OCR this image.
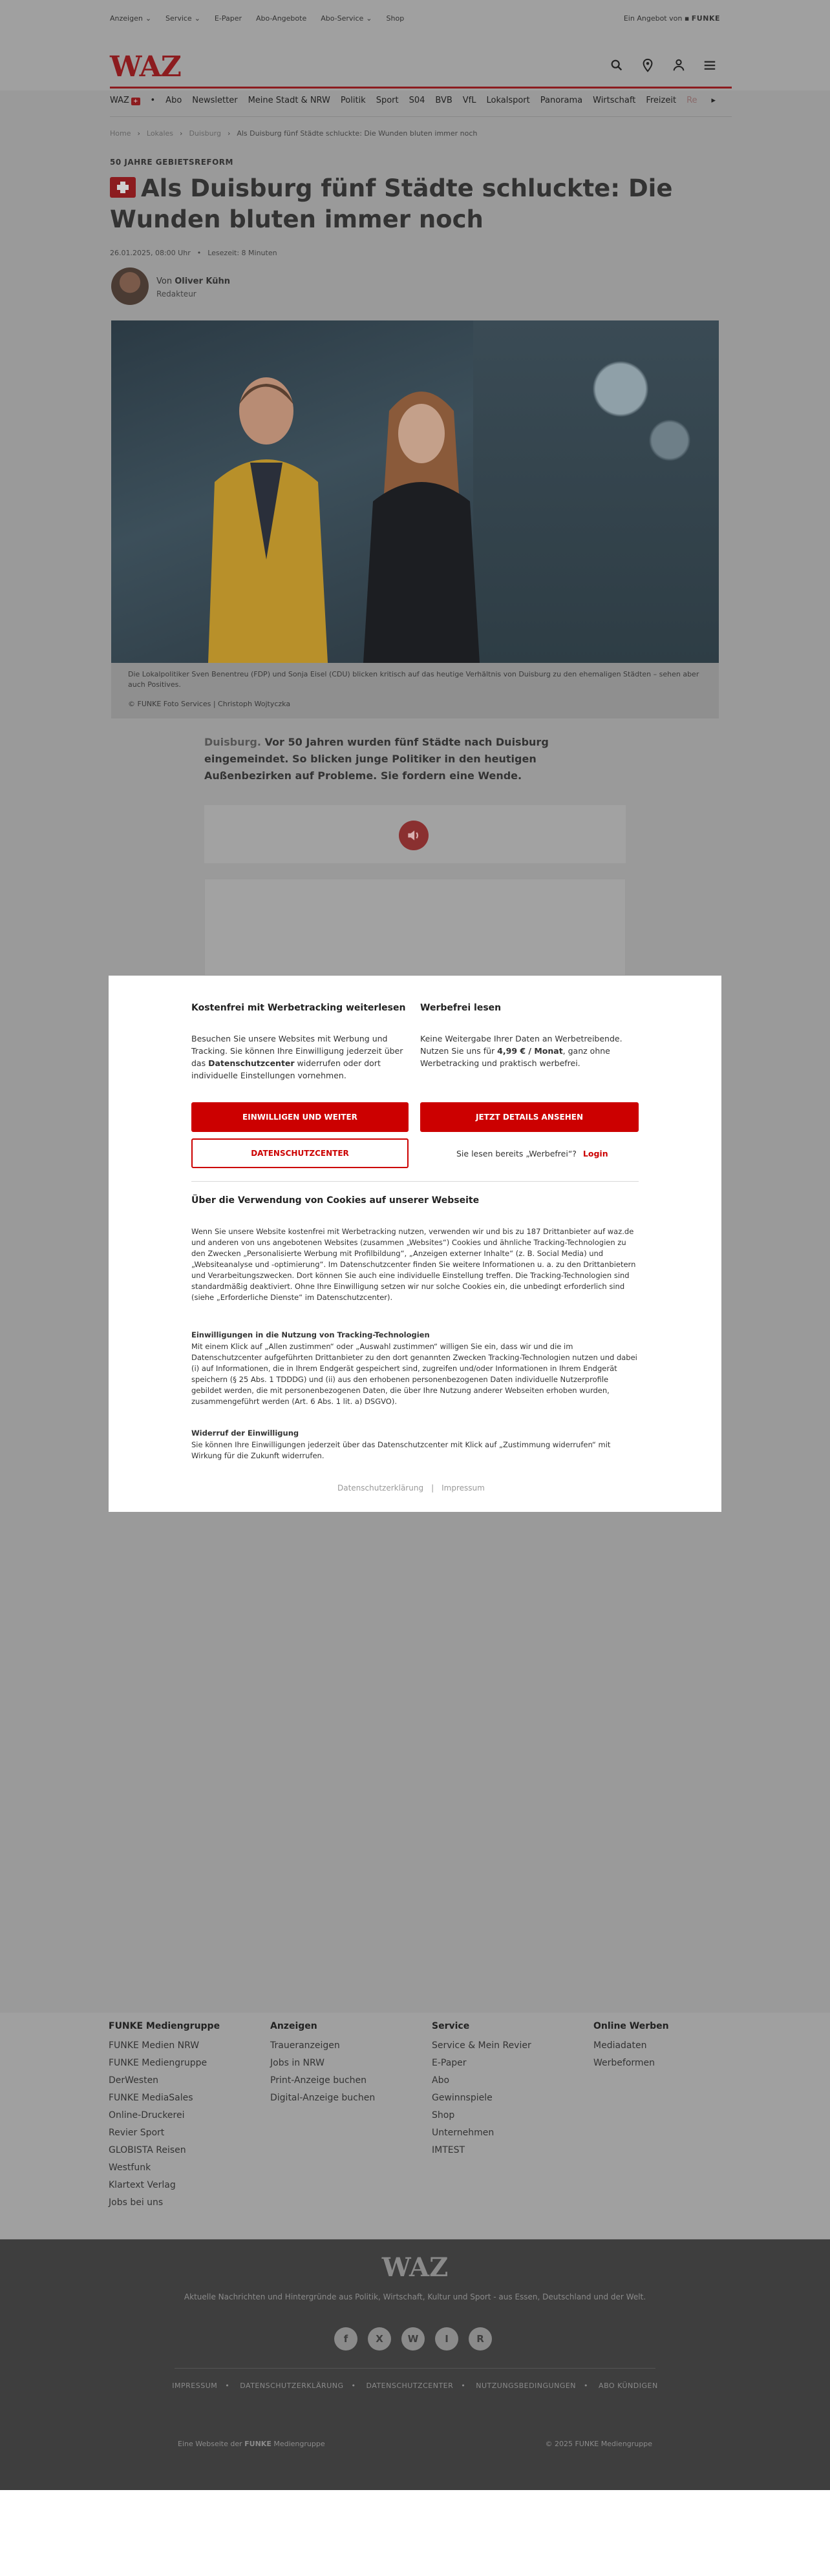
Anzeigen ⌄ Service ⌄ E-Paper Abo-Angebote Abo-Service ⌄ Shop	Ein Angebot von ▪ FUNKE
WAZ
WAZ + • Abo Newsletter Meine Stadt & NRW Politik Sport S04 BVB VfL Lokalsport Panorama Wirtschaft Freizeit Re ▸
Home › Lokales › Duisburg › Als Duisburg fünf Städte schluckte: Die Wunden bluten immer noch
50 JAHRE GEBIETSREFORM
Als Duisburg fünf Städte schluckte: Die Wunden bluten immer noch
26.01.2025, 08:00 Uhr • Lesezeit: 8 Minuten
Von Oliver Kühn
Redakteur
Die Lokalpolitiker Sven Benentreu (FDP) und Sonja Eisel (CDU) blicken kritisch auf das heutige Verhältnis von Duisburg zu den ehemaligen Städten – sehen aber auch Positives.
© FUNKE Foto Services | Christoph Wojtyczka
Duisburg. Vor 50 Jahren wurden fünf Städte nach Duisburg eingemeindet. So blicken junge Politiker in den heutigen Außenbezirken auf Probleme. Sie fordern eine Wende.
Kostenfrei mit Werbetracking weiterlesen
Besuchen Sie unsere Websites mit Werbung und Tracking. Sie können Ihre Einwilligung jederzeit über das Datenschutzcenter widerrufen oder dort individuelle Einstellungen vornehmen.
Werbefrei lesen
Keine Weitergabe Ihrer Daten an Werbetreibende. Nutzen Sie uns für 4,99 € / Monat, ganz ohne Werbetracking und praktisch werbefrei.
EINWILLIGEN UND WEITER	JETZT DETAILS ANSEHEN
DATENSCHUTZCENTER	Sie lesen bereits „Werbefrei“? Login
Über die Verwendung von Cookies auf unserer Webseite
Wenn Sie unsere Website kostenfrei mit Werbetracking nutzen, verwenden wir und bis zu 187 Drittanbieter auf waz.de und anderen von uns angebotenen Websites (zusammen „Websites“) Cookies und ähnliche Tracking-Technologien zu den Zwecken „Personalisierte Werbung mit Profilbildung“, „Anzeigen externer Inhalte“ (z. B. Social Media) und „Websiteanalyse und -optimierung“. Im Datenschutzcenter finden Sie weitere Informationen u. a. zu den Drittanbietern und Verarbeitungszwecken. Dort können Sie auch eine individuelle Einstellung treffen. Die Tracking-Technologien sind standardmäßig deaktiviert. Ohne Ihre Einwilligung setzen wir nur solche Cookies ein, die unbedingt erforderlich sind (siehe „Erforderliche Dienste“ im Datenschutzcenter).
Einwilligungen in die Nutzung von Tracking-Technologien
Mit einem Klick auf „Allen zustimmen“ oder „Auswahl zustimmen“ willigen Sie ein, dass wir und die im Datenschutzcenter aufgeführten Drittanbieter zu den dort genannten Zwecken Tracking-Technologien nutzen und dabei (i) auf Informationen, die in Ihrem Endgerät gespeichert sind, zugreifen und/oder Informationen in Ihrem Endgerät speichern (§ 25 Abs. 1 TDDDG) und (ii) aus den erhobenen personenbezogenen Daten individuelle Nutzerprofile gebildet werden, die mit personenbezogenen Daten, die über Ihre Nutzung anderer Webseiten erhoben wurden, zusammengeführt werden (Art. 6 Abs. 1 lit. a) DSGVO).
Widerruf der Einwilligung
Sie können Ihre Einwilligungen jederzeit über das Datenschutzcenter mit Klick auf „Zustimmung widerrufen“ mit Wirkung für die Zukunft widerrufen.
Datenschutzerklärung | Impressum
FUNKE Mediengruppe
FUNKE Medien NRW
FUNKE Mediengruppe
DerWesten
FUNKE MediaSales
Online-Druckerei
Revier Sport
GLOBISTA Reisen
Westfunk
Klartext Verlag
Jobs bei uns
Anzeigen
Traueranzeigen
Jobs in NRW
Print-Anzeige buchen
Digital-Anzeige buchen
Service
Service & Mein Revier
E-Paper
Abo
Gewinnspiele
Shop
Unternehmen
IMTEST
Online Werben
Mediadaten
Werbeformen
WAZ
Aktuelle Nachrichten und Hintergründe aus Politik, Wirtschaft, Kultur und Sport - aus Essen, Deutschland und der Welt.
f	X	W	I	R
IMPRESSUM • DATENSCHUTZERKLÄRUNG • DATENSCHUTZCENTER • NUTZUNGSBEDINGUNGEN • ABO KÜNDIGEN
Eine Webseite der FUNKE Mediengruppe	© 2025 FUNKE Mediengruppe
